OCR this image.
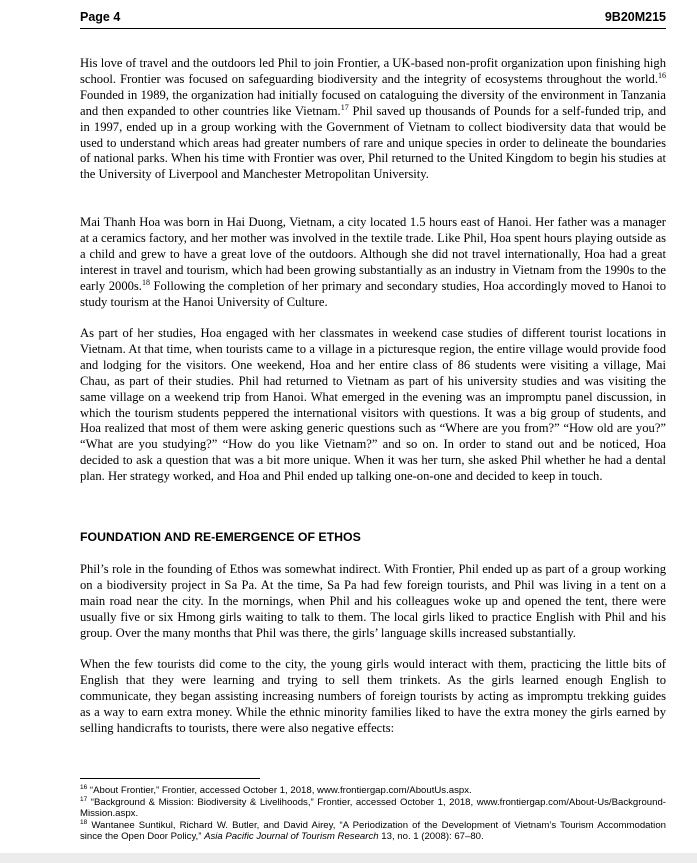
Page 4	9B20M215

His love of travel and the outdoors led Phil to join Frontier, a UK-based non-profit organization upon finishing high school. Frontier was focused on safeguarding biodiversity and the integrity of ecosystems throughout the world.$^{16}$ Founded in 1989, the organization had initially focused on cataloguing the diversity of the environment in Tanzania and then expanded to other countries like Vietnam.$^{17}$ Phil saved up thousands of Pounds for a self-funded trip, and in 1997, ended up in a group working with the Government of Vietnam to collect biodiversity data that would be used to understand which areas had greater numbers of rare and unique species in order to delineate the boundaries of national parks. When his time with Frontier was over, Phil returned to the United Kingdom to begin his studies at the University of Liverpool and Manchester Metropolitan University.

Mai Thanh Hoa was born in Hai Duong, Vietnam, a city located 1.5 hours east of Hanoi. Her father was a manager at a ceramics factory, and her mother was involved in the textile trade. Like Phil, Hoa spent hours playing outside as a child and grew to have a great love of the outdoors. Although she did not travel internationally, Hoa had a great interest in travel and tourism, which had been growing substantially as an industry in Vietnam from the 1990s to the early 2000s.$^{18}$ Following the completion of her primary and secondary studies, Hoa accordingly moved to Hanoi to study tourism at the Hanoi University of Culture.

As part of her studies, Hoa engaged with her classmates in weekend case studies of different tourist locations in Vietnam. At that time, when tourists came to a village in a picturesque region, the entire village would provide food and lodging for the visitors. One weekend, Hoa and her entire class of 86 students were visiting a village, Mai Chau, as part of their studies. Phil had returned to Vietnam as part of his university studies and was visiting the same village on a weekend trip from Hanoi. What emerged in the evening was an impromptu panel discussion, in which the tourism students peppered the international visitors with questions. It was a big group of students, and Hoa realized that most of them were asking generic questions such as “Where are you from?” “How old are you?” “What are you studying?” “How do you like Vietnam?” and so on. In order to stand out and be noticed, Hoa decided to ask a question that was a bit more unique. When it was her turn, she asked Phil whether he had a dental plan. Her strategy worked, and Hoa and Phil ended up talking one-on-one and decided to keep in touch.

FOUNDATION AND RE-EMERGENCE OF ETHOS

Phil’s role in the founding of Ethos was somewhat indirect. With Frontier, Phil ended up as part of a group working on a biodiversity project in Sa Pa. At the time, Sa Pa had few foreign tourists, and Phil was living in a tent on a main road near the city. In the mornings, when Phil and his colleagues woke up and opened the tent, there were usually five or six Hmong girls waiting to talk to them. The local girls liked to practice English with Phil and his group. Over the many months that Phil was there, the girls’ language skills increased substantially.

When the few tourists did come to the city, the young girls would interact with them, practicing the little bits of English that they were learning and trying to sell them trinkets. As the girls learned enough English to communicate, they began assisting increasing numbers of foreign tourists by acting as impromptu trekking guides as a way to earn extra money. While the ethnic minority families liked to have the extra money the girls earned by selling handicrafts to tourists, there were also negative effects:

$^{16}$ “About Frontier,” Frontier, accessed October 1, 2018, www.frontiergap.com/AboutUs.aspx.

$^{17}$ “Background & Mission: Biodiversity & Livelihoods,” Frontier, accessed October 1, 2018, www.frontiergap.com/About-Us/Background-Mission.aspx.

$^{18}$ Wantanee Suntikul, Richard W. Butler, and David Airey, “A Periodization of the Development of Vietnam’s Tourism Accommodation since the Open Door Policy,” Asia Pacific Journal of Tourism Research 13, no. 1 (2008): 67–80.
